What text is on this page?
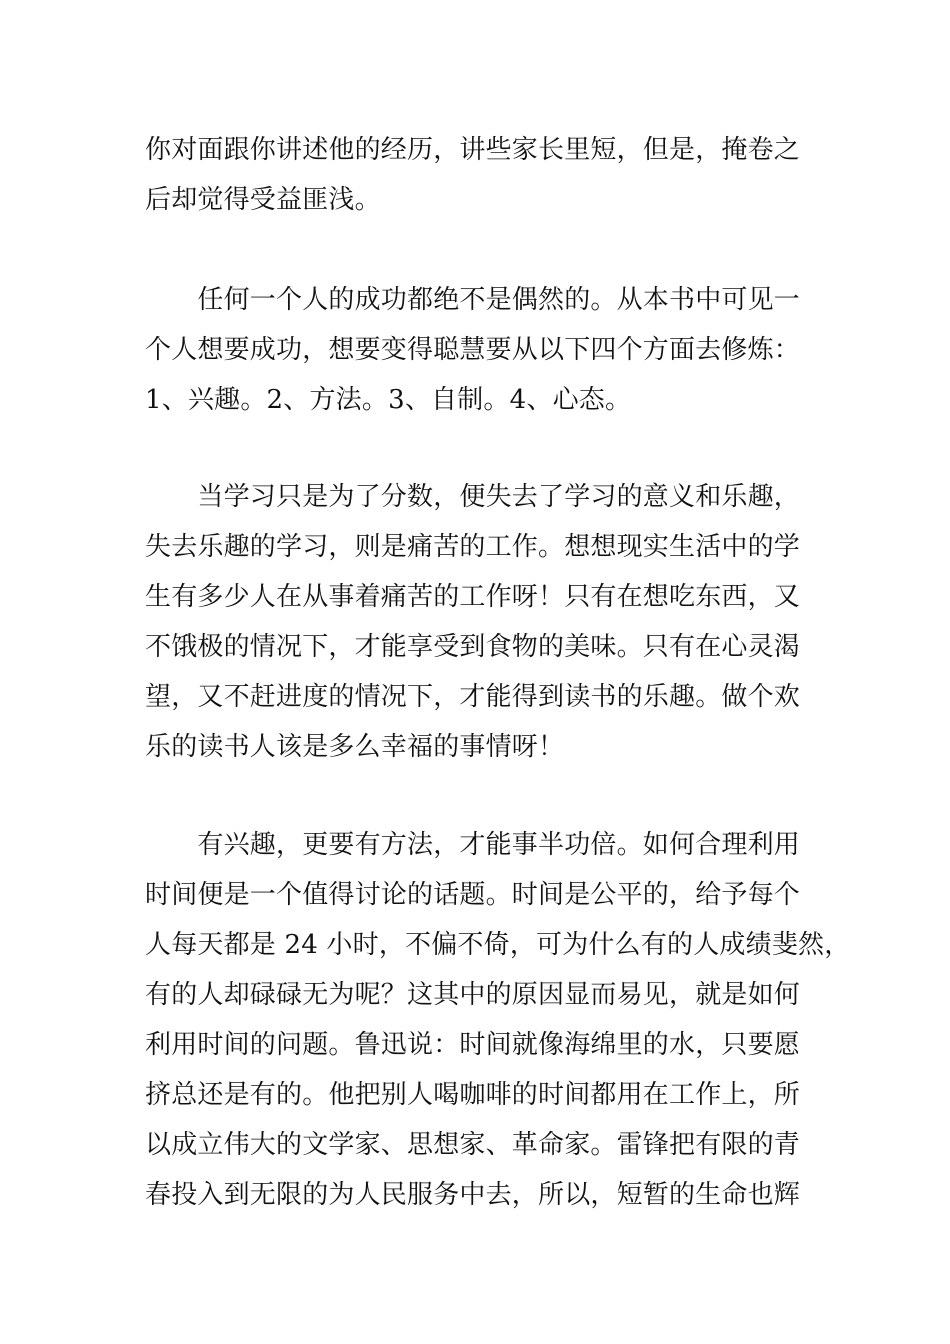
你对面跟你讲述他的经历，讲些家长里短，但是，掩卷之
后却觉得受益匪浅。
　　任何一个人的成功都绝不是偶然的。从本书中可见一
个人想要成功，想要变得聪慧要从以下四个方面去修炼：
1、兴趣。2、方法。3、自制。4、心态。
　　当学习只是为了分数，便失去了学习的意义和乐趣，
失去乐趣的学习，则是痛苦的工作。想想现实生活中的学
生有多少人在从事着痛苦的工作呀！只有在想吃东西，又
不饿极的情况下，才能享受到食物的美味。只有在心灵渴
望，又不赶进度的情况下，才能得到读书的乐趣。做个欢
乐的读书人该是多么幸福的事情呀！
　　有兴趣，更要有方法，才能事半功倍。如何合理利用
时间便是一个值得讨论的话题。时间是公平的，给予每个
人每天都是 24 小时，不偏不倚，可为什么有的人成绩斐然，
有的人却碌碌无为呢？这其中的原因显而易见，就是如何
利用时间的问题。鲁迅说：时间就像海绵里的水，只要愿
挤总还是有的。他把别人喝咖啡的时间都用在工作上，所
以成立伟大的文学家、思想家、革命家。雷锋把有限的青
春投入到无限的为人民服务中去，所以，短暂的生命也辉
